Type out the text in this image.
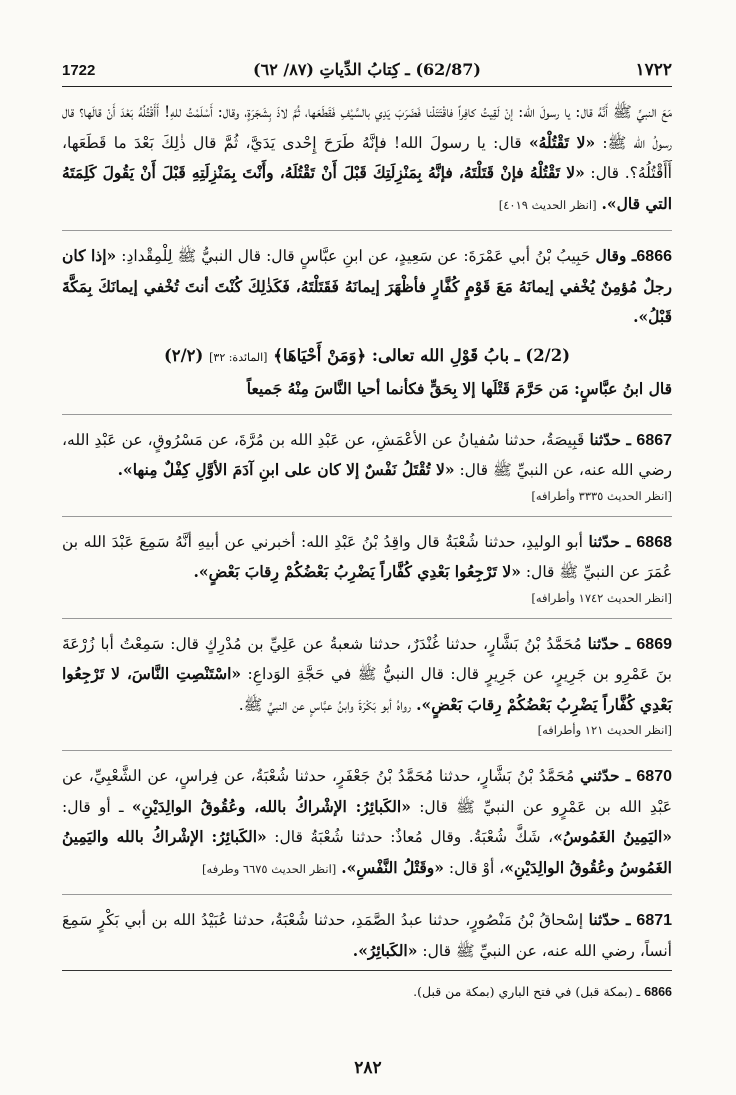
1722	(62/87) ـ كِتابُ الدِّياتِ (٨٧/ ٦٢)	١٧٢٢

مَعَ النبيِّ ﷺ أَنَّهُ قال: يا رسولَ الله: إنْ لَقِيتُ كافِراً فاقْتَتَلْنا فَضَرَبَ يَدِي بالسَّيْفِ فَقَطَعَها، ثُمَّ لاذَ بِشَجَرَةٍ، وقال: أَسْلَمْتُ للهِ! أَأَقْتُلُهُ بَعْدَ أَنْ قالَها؟ قال رسولُ الله ﷺ: «لا تَقْتُلْهُ» قال: يا رسولَ الله! فإنَّهُ طَرَحَ إِحْدى يَدَيَّ، ثُمَّ قال ذٰلِكَ بَعْدَ ما قَطَعَها، أَأَقْتُلُهُ؟. قال: «لا تَقْتُلْهُ فإنْ قَتَلْتَهُ، فإنَّهُ بِمَنْزِلَتِكَ قَبْلَ أَنْ تَقْتُلَهُ، وأَنْتَ بِمَنْزِلَتِهِ قَبْلَ أَنْ يَقُولَ كَلِمَتَهُ التي قال». [انظر الحديث ٤٠١٩]

6866ـ وقال حَبِيبُ بْنُ أبي عَمْرَةَ: عن سَعِيدٍ، عن ابنِ عبَّاسٍ قال: قال النبيُّ ﷺ لِلْمِقْدادِ: «إذا كان رجلٌ مُؤمِنٌ يُخْفي إيمانَهُ مَعَ قَوْمٍ كُفَّارٍ فأظْهَرَ إيمانَهُ فَقَتَلْتَهُ، فَكَذٰلِكَ كُنْتَ أنتَ تُخْفي إيمانَكَ بِمَكَّةَ قَبْلُ».

(2/2) ـ بابُ قَوْلِ الله تعالى: ﴿وَمَنْ أَحْيَاهَا﴾ [المائدة: ٣٢] (٢/٢)

قال ابنُ عبَّاسٍ: مَن حَرَّمَ قَتْلَها إلا بِحَقٍّ فكأنما أحيا النَّاسَ مِنْهُ جَميعاً

6867 ـ حدّثنا قَبِيصَةُ، حدثنا سُفيانُ عن الأعْمَشِ، عن عَبْدِ الله بن مُرَّةَ، عن مَسْرُوقٍ، عن عَبْدِ الله، رضي الله عنه، عن النبيِّ ﷺ قال: «لا تُقْتَلُ نَفْسٌ إلا كان على ابنِ آدَمَ الأوَّلِ كِفْلٌ مِنها».
[انظر الحديث ٣٣٣٥ وأطرافه]

6868 ـ حدّثنا أبو الوليدِ، حدثنا شُعْبَةُ قال واقِدُ بْنُ عَبْدِ الله: أخبرني عن أبيهِ أنَّهُ سَمِعَ عَبْدَ الله بن عُمَرَ عن النبيِّ ﷺ قال: «لا تَرْجِعُوا بَعْدِي كُفَّاراً يَضْرِبُ بَعْضُكُمْ رِقابَ بَعْضٍ».
[انظر الحديث ١٧٤٢ وأطرافه]

6869 ـ حدّثنا مُحَمَّدُ بْنُ بَشَّارٍ، حدثنا غُنْدَرٌ، حدثنا شعبةُ عن عَلِيِّ بن مُدْرِكٍ قال: سَمِعْتُ أبا زُرْعَةَ بنَ عَمْرِو بن جَرِيرٍ، عن جَرِيرٍ قال: قال النبيُّ ﷺ في حَجَّةِ الوَداعِ: «اسْتَنْصِتِ النَّاسَ، لا تَرْجِعُوا بَعْدِي كُفَّاراً يَضْرِبُ بَعْضُكُمْ رِقابَ بَعْضٍ». رواهُ أبو بَكْرَةَ وابنُ عبَّاسٍ عن النبيِّ ﷺ.
[انظر الحديث ١٢١ وأطرافه]

6870 ـ حدّثني مُحَمَّدُ بْنُ بَشَّارٍ، حدثنا مُحَمَّدُ بْنُ جَعْفَرٍ، حدثنا شُعْبَةُ، عن فِراسٍ، عن الشَّعْبِيِّ، عن عَبْدِ الله بن عَمْرٍو عن النبيِّ ﷺ قال: «الكَبائِرُ: الإشْراكُ بالله، وعُقُوقُ الوالِدَيْنِ» ـ أو قال: «اليَمِينُ الغَمُوسُ»، شَكَّ شُعْبَةُ. وقال مُعاذٌ: حدثنا شُعْبَةُ قال: «الكَبائِرُ: الإشْراكُ بالله واليَمِينُ الغَمُوسُ وعُقُوقُ الوالِدَيْنِ»، أوْ قال: «وقَتْلُ النَّفْسِ». [انظر الحديث ٦٦٧٥ وطرفه]

6871 ـ حدّثنا إسْحاقُ بْنُ مَنْصُورٍ، حدثنا عبدُ الصَّمَدِ، حدثنا شُعْبَةُ، حدثنا عُبَيْدُ الله بن أبي بَكْرٍ سَمِعَ أنساً، رضي الله عنه، عن النبيِّ ﷺ قال: «الكَبائِرُ».

6866 ـ (بمكة قبل) في فتح الباري (بمكة من قبل).
٢٨٢
